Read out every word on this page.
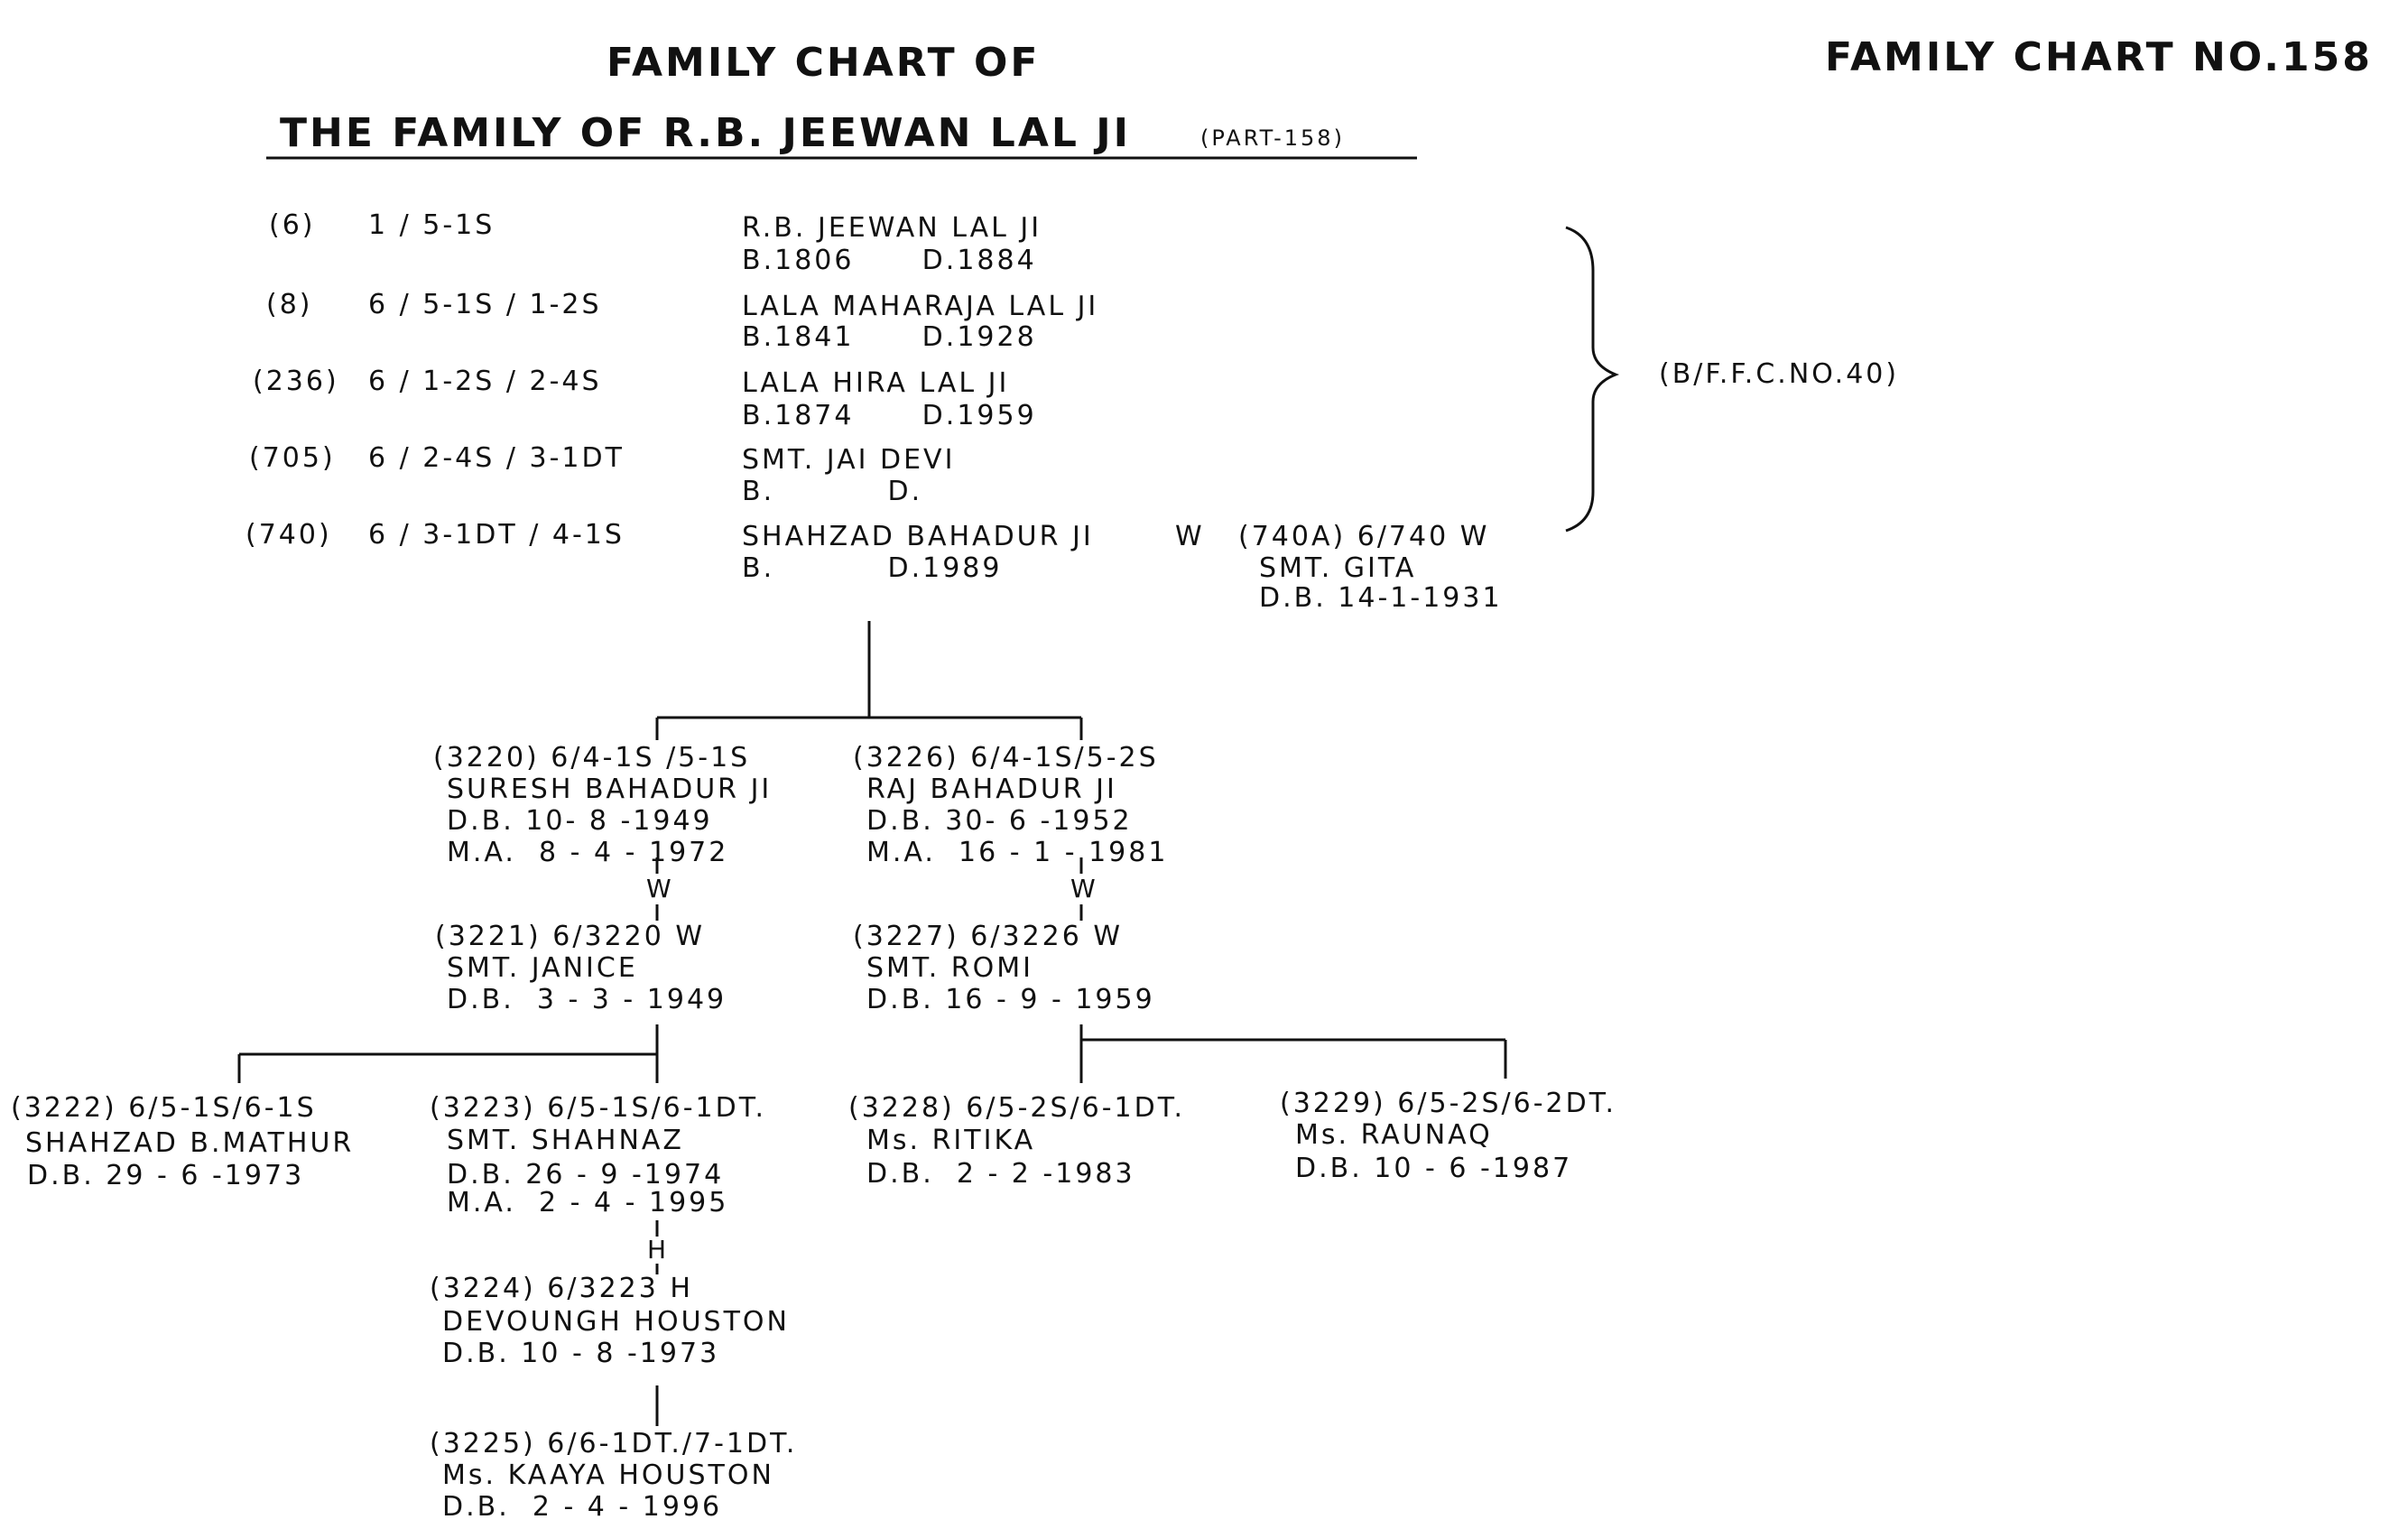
FAMILY CHART OF
THE FAMILY OF R.B. JEEWAN LAL JI	(PART-158)
FAMILY CHART NO.158
(6) 1 / 5-1S	R.B. JEEWAN LAL JI
B.1806      D.1884
(8) 6 / 5-1S / 1-2S	LALA MAHARAJA LAL JI
B.1841      D.1928
(236) 6 / 1-2S / 2-4S	LALA HIRA LAL JI
B.1874      D.1959
(705) 6 / 2-4S / 3-1DT	SMT. JAI DEVI
B.          D.
(740) 6 / 3-1DT / 4-1S	SHAHZAD BAHADUR JI
B.          D.1989
W (740A) 6/740 W
SMT. GITA
D.B. 14-1-1931
(B/F.F.C.NO.40)
(3220) 6/4-1S /5-1S
SURESH BAHADUR JI
D.B. 10- 8 -1949
M.A.  8 - 4 - 1972
(3226) 6/4-1S/5-2S
RAJ BAHADUR JI
D.B. 30- 6 -1952
M.A.  16 - 1 - 1981
W
(3221) 6/3220 W
SMT. JANICE
D.B.  3 - 3 - 1949
W
(3227) 6/3226 W
SMT. ROMI
D.B. 16 - 9 - 1959
(3222) 6/5-1S/6-1S
SHAHZAD B.MATHUR
D.B. 29 - 6 -1973
(3223) 6/5-1S/6-1DT.
SMT. SHAHNAZ
D.B. 26 - 9 -1974
M.A.  2 - 4 - 1995
(3228) 6/5-2S/6-1DT.
Ms. RITIKA
D.B.  2 - 2 -1983
(3229) 6/5-2S/6-2DT.
Ms. RAUNAQ
D.B. 10 - 6 -1987
H
(3224) 6/3223 H
DEVOUNGH HOUSTON
D.B. 10 - 8 -1973
(3225) 6/6-1DT./7-1DT.
Ms. KAAYA HOUSTON
D.B.  2 - 4 - 1996
